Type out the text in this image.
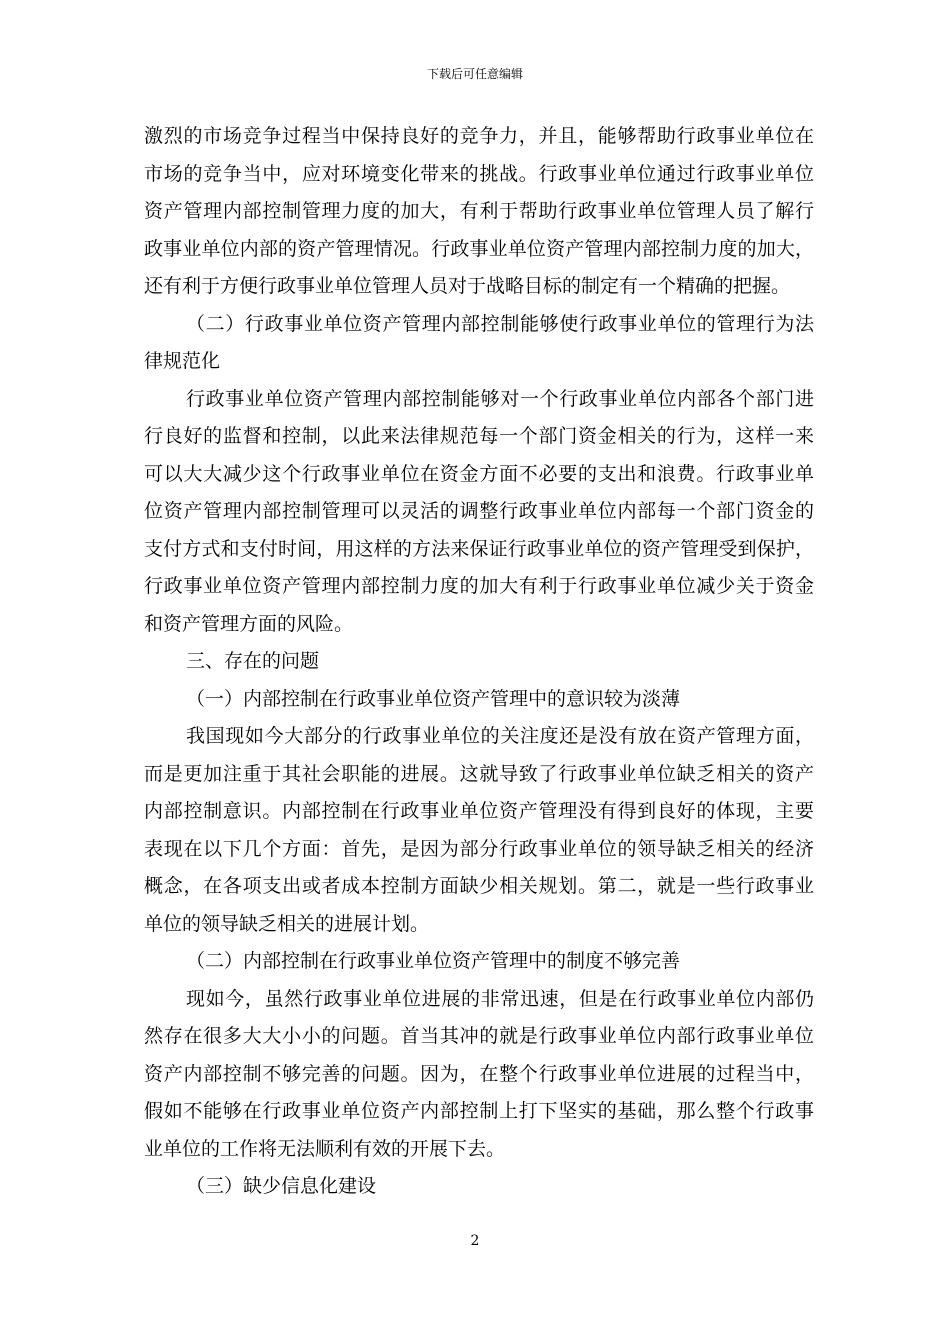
下载后可任意编辑
激烈的市场竞争过程当中保持良好的竞争力，并且，能够帮助行政事业单位在
市场的竞争当中，应对环境变化带来的挑战。行政事业单位通过行政事业单位
资产管理内部控制管理力度的加大，有利于帮助行政事业单位管理人员了解行
政事业单位内部的资产管理情况。行政事业单位资产管理内部控制力度的加大，
还有利于方便行政事业单位管理人员对于战略目标的制定有一个精确的把握。
（二）行政事业单位资产管理内部控制能够使行政事业单位的管理行为法
律规范化
行政事业单位资产管理内部控制能够对一个行政事业单位内部各个部门进
行良好的监督和控制，以此来法律规范每一个部门资金相关的行为，这样一来
可以大大减少这个行政事业单位在资金方面不必要的支出和浪费。行政事业单
位资产管理内部控制管理可以灵活的调整行政事业单位内部每一个部门资金的
支付方式和支付时间，用这样的方法来保证行政事业单位的资产管理受到保护，
行政事业单位资产管理内部控制力度的加大有利于行政事业单位减少关于资金
和资产管理方面的风险。
三、存在的问题
（一）内部控制在行政事业单位资产管理中的意识较为淡薄
我国现如今大部分的行政事业单位的关注度还是没有放在资产管理方面，
而是更加注重于其社会职能的进展。这就导致了行政事业单位缺乏相关的资产
内部控制意识。内部控制在行政事业单位资产管理没有得到良好的体现，主要
表现在以下几个方面：首先，是因为部分行政事业单位的领导缺乏相关的经济
概念，在各项支出或者成本控制方面缺少相关规划。第二，就是一些行政事业
单位的领导缺乏相关的进展计划。
（二）内部控制在行政事业单位资产管理中的制度不够完善
现如今，虽然行政事业单位进展的非常迅速，但是在行政事业单位内部仍
然存在很多大大小小的问题。首当其冲的就是行政事业单位内部行政事业单位
资产内部控制不够完善的问题。因为，在整个行政事业单位进展的过程当中，
假如不能够在行政事业单位资产内部控制上打下坚实的基础，那么整个行政事
业单位的工作将无法顺利有效的开展下去。
（三）缺少信息化建设
2
